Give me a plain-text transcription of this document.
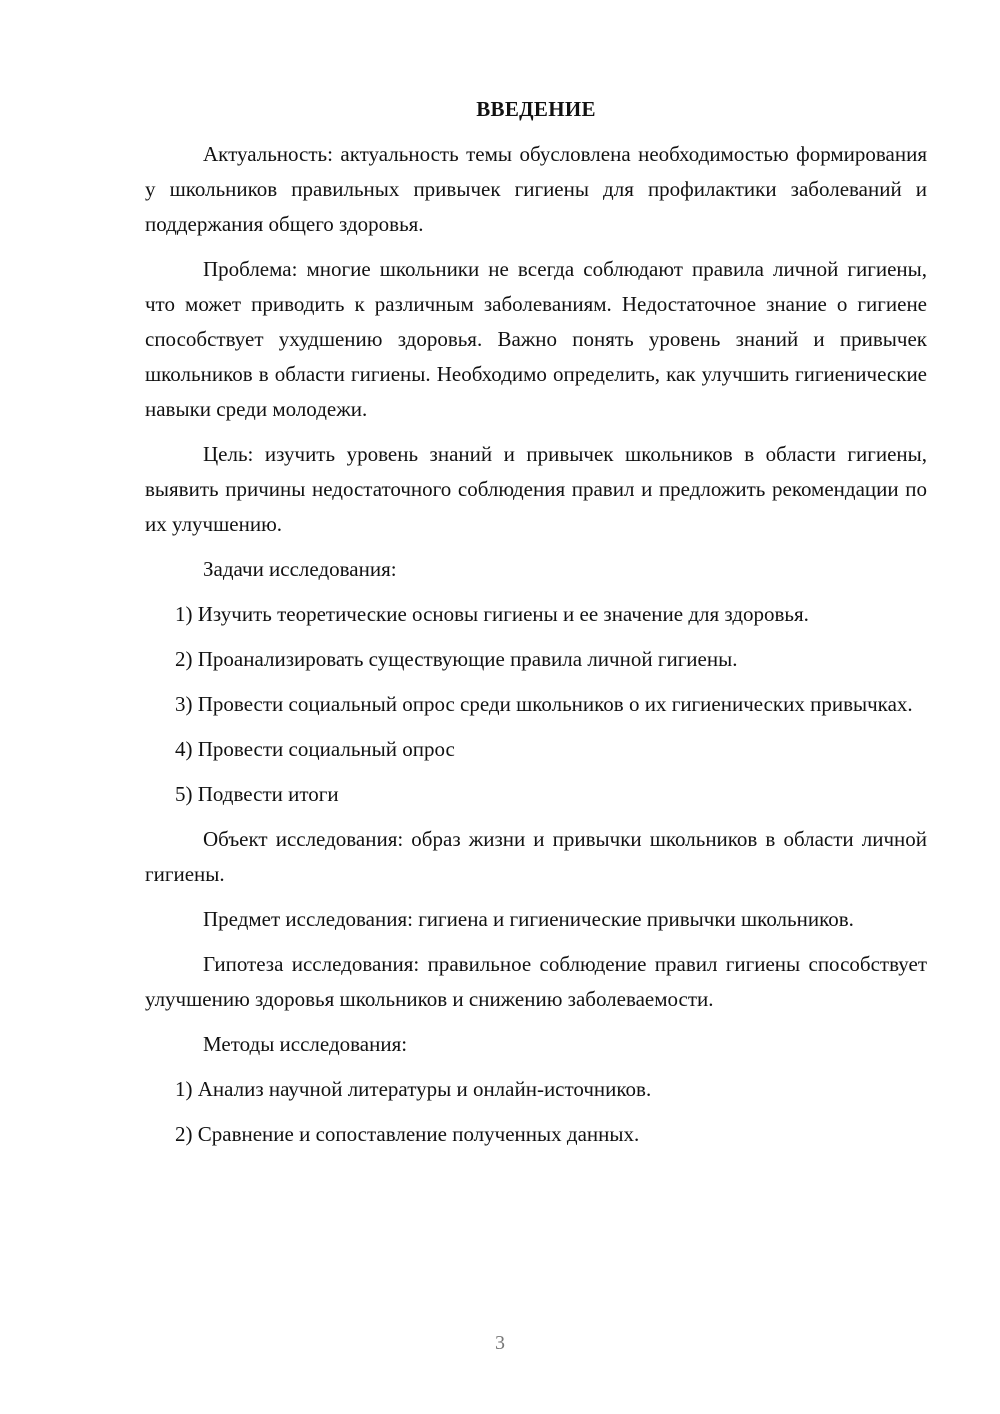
ВВЕДЕНИЕ

Актуальность: актуальность темы обусловлена необходимостью формирования у школьников правильных привычек гигиены для профилактики заболеваний и поддержания общего здоровья.

Проблема: многие школьники не всегда соблюдают правила личной гигиены, что может приводить к различным заболеваниям. Недостаточное знание о гигиене способствует ухудшению здоровья. Важно понять уровень знаний и привычек школьников в области гигиены. Необходимо определить, как улучшить гигиенические навыки среди молодежи.

Цель: изучить уровень знаний и привычек школьников в области гигиены, выявить причины недостаточного соблюдения правил и предложить рекомендации по их улучшению.

Задачи исследования:

1) Изучить теоретические основы гигиены и ее значение для здоровья.

2) Проанализировать существующие правила личной гигиены.

3) Провести социальный опрос среди школьников о их гигиенических привычках.

4) Провести социальный опрос

5) Подвести итоги

Объект исследования: образ жизни и привычки школьников в области личной гигиены.

Предмет исследования: гигиена и гигиенические привычки школьников.

Гипотеза исследования: правильное соблюдение правил гигиены способствует улучшению здоровья школьников и снижению заболеваемости.

Методы исследования:

1) Анализ научной литературы и онлайн-источников.

2) Сравнение и сопоставление полученных данных.

3
